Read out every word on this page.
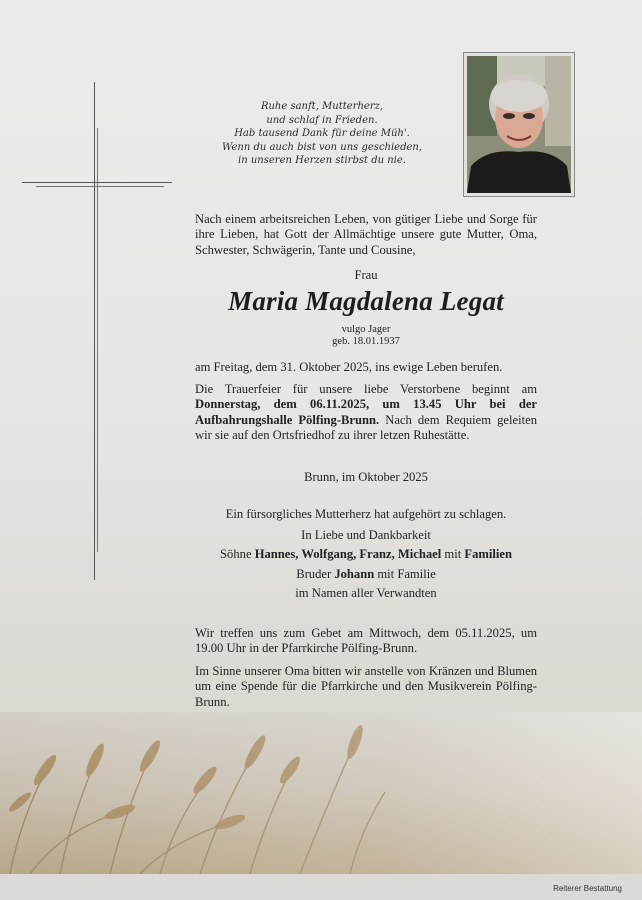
Ruhe sanft, Mutterherz,
und schlaf in Frieden.
Hab tausend Dank für deine Müh'.
Wenn du auch bist von uns geschieden,
in unseren Herzen stirbst du nie.
Nach einem arbeitsreichen Leben, von gütiger Liebe und Sorge für ihre Lieben, hat Gott der Allmächtige unsere gute Mutter, Oma, Schwester, Schwägerin, Tante und Cousine,
Frau
Maria Magdalena Legat
vulgo Jager
geb. 18.01.1937
am Freitag, dem 31. Oktober 2025, ins ewige Leben berufen.
Die Trauerfeier für unsere liebe Verstorbene beginnt am Donnerstag, dem 06.11.2025, um 13.45 Uhr bei der Aufbahrungshalle Pölfing-Brunn. Nach dem Requiem geleiten wir sie auf den Ortsfriedhof zu ihrer letzen Ruhestätte.
Brunn, im Oktober 2025
Ein fürsorgliches Mutterherz hat aufgehört zu schlagen.
In Liebe und Dankbarkeit
Söhne Hannes, Wolfgang, Franz, Michael mit Familien
Bruder Johann mit Familie
im Namen aller Verwandten
Wir treffen uns zum Gebet am Mittwoch, dem 05.11.2025, um 19.00 Uhr in der Pfarrkirche Pölfing-Brunn.
Im Sinne unserer Oma bitten wir anstelle von Kränzen und Blumen um eine Spende für die Pfarrkirche und den Musikverein Pölfing-Brunn.
Reiterer Bestattung
